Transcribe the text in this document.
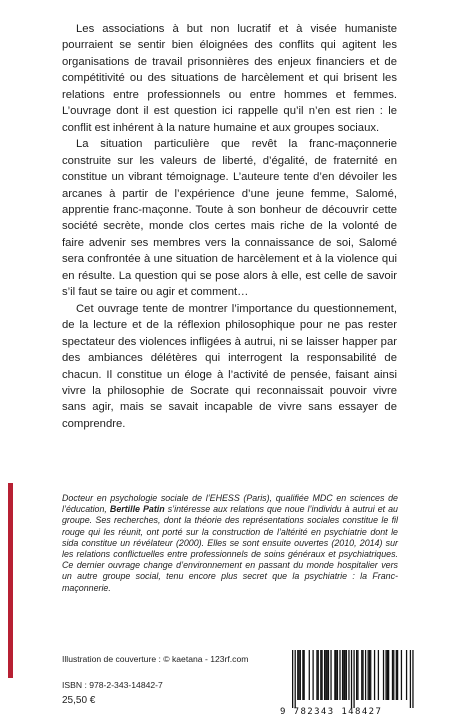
Les associations à but non lucratif et à visée humaniste pourraient se sentir bien éloignées des conflits qui agitent les organisations de travail prisonnières des enjeux financiers et de compétitivité ou des situations de harcèlement et qui brisent les relations entre professionnels ou entre hommes et femmes. L’ouvrage dont il est question ici rappelle qu’il n’en est rien : le conflit est inhérent à la nature humaine et aux groupes sociaux.

La situation particulière que revêt la franc-maçonnerie construite sur les valeurs de liberté, d’égalité, de fraternité en constitue un vibrant témoignage. L’auteure tente d’en dévoiler les arcanes à partir de l’expérience d’une jeune femme, Salomé, apprentie franc-maçonne. Toute à son bonheur de découvrir cette société secrète, monde clos certes mais riche de la volonté de faire advenir ses membres vers la connaissance de soi, Salomé sera confrontée à une situation de harcèlement et à la violence qui en résulte. La question qui se pose alors à elle, est celle de savoir s’il faut se taire ou agir et comment…

Cet ouvrage tente de montrer l’importance du questionnement, de la lecture et de la réflexion philosophique pour ne pas rester spectateur des violences infligées à autrui, ni se laisser happer par des ambiances délétères qui interrogent la responsabilité de chacun. Il constitue un éloge à l’activité de pensée, faisant ainsi vivre la philosophie de Socrate qui reconnaissait pouvoir vivre sans agir, mais se savait incapable de vivre sans essayer de comprendre.

Docteur en psychologie sociale de l’EHESS (Paris), qualifiée MDC en sciences de l’éducation, Bertille Patin s’intéresse aux relations que noue l’individu à autrui et au groupe. Ses recherches, dont la théorie des représentations sociales constitue le fil rouge qui les réunit, ont porté sur la construction de l’altérité en psychiatrie dont le sida constitue un révélateur (2000). Elles se sont ensuite ouvertes (2010, 2014) sur les relations conflictuelles entre professionnels de soins généraux et psychiatriques. Ce dernier ouvrage change d’environnement en passant du monde hospitalier vers un autre groupe social, tenu encore plus secret que la psychiatrie : la Franc-maçonnerie.

Illustration de couverture : © kaetana - 123rf.com
ISBN : 978-2-343-14842-7
25,50 €
9 782343 148427
